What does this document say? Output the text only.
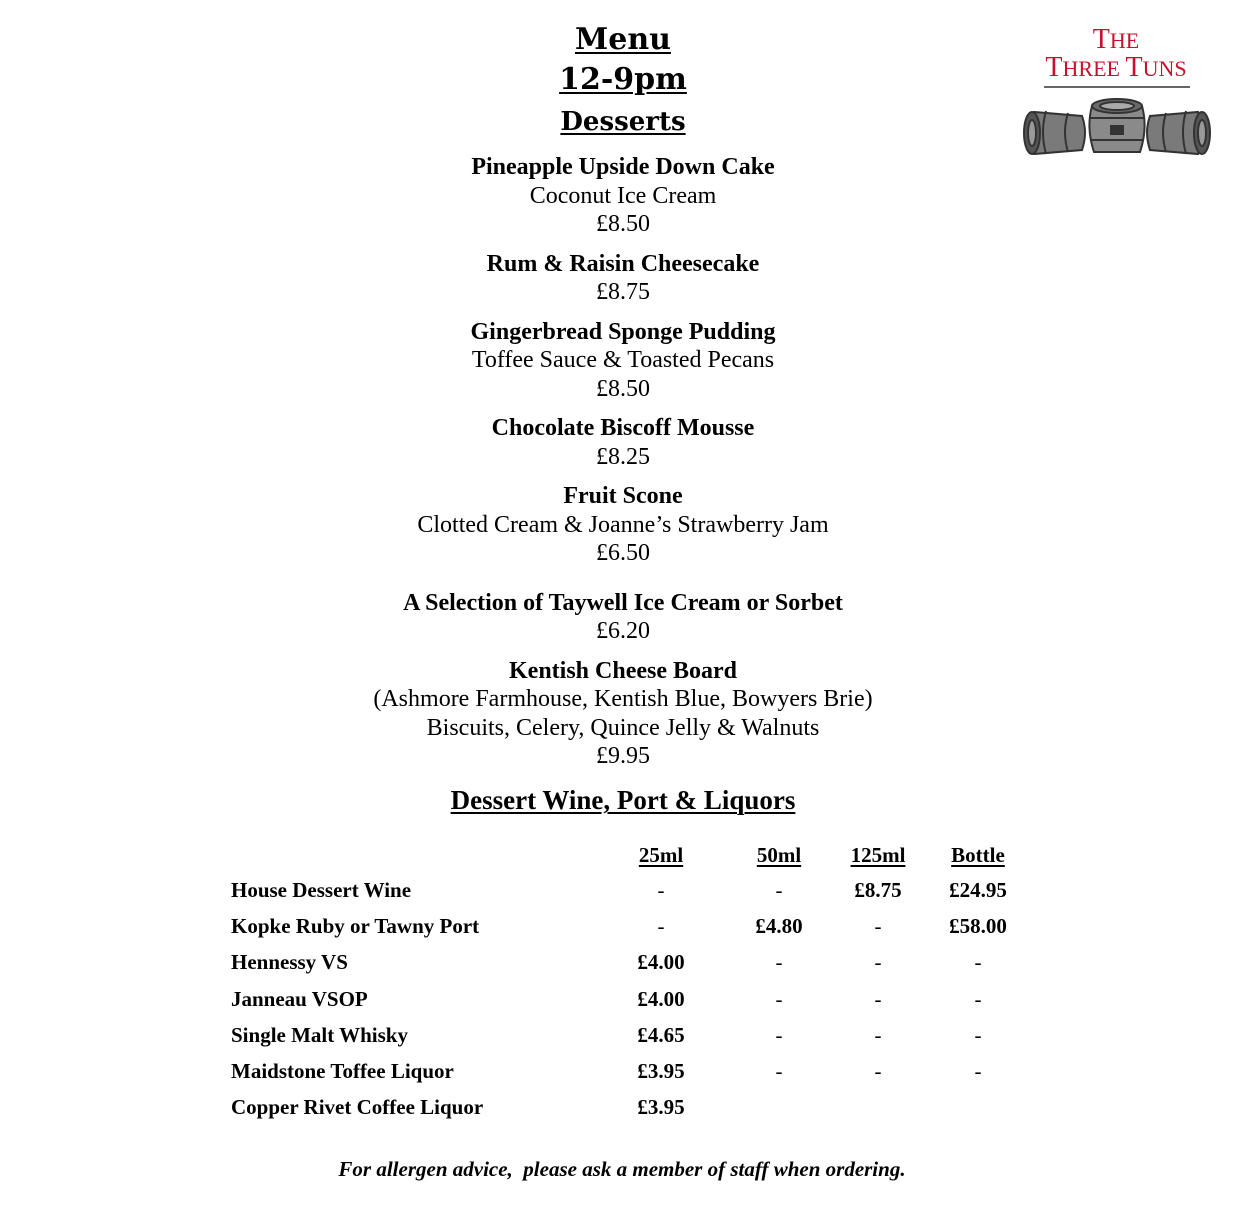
THE
THREE TUNS
Menu
12-9pm
Desserts
Pineapple Upside Down Cake
Coconut Ice Cream
£8.50
Rum & Raisin Cheesecake
£8.75
Gingerbread Sponge Pudding
Toffee Sauce & Toasted Pecans
£8.50
Chocolate Biscoff Mousse
£8.25
Fruit Scone
Clotted Cream & Joanne’s Strawberry Jam
£6.50
A Selection of Taywell Ice Cream or Sorbet
£6.20
Kentish Cheese Board
(Ashmore Farmhouse, Kentish Blue, Bowyers Brie)
Biscuits, Celery, Quince Jelly & Walnuts
£9.95
Dessert Wine, Port & Liquors
	25ml	50ml	125ml	Bottle
House Dessert Wine	-	-	£8.75	£24.95
Kopke Ruby or Tawny Port	-	£4.80	-	£58.00
Hennessy VS	£4.00	-	-	-
Janneau VSOP	£4.00	-	-	-
Single Malt Whisky	£4.65	-	-	-
Maidstone Toffee Liquor	£3.95	-	-	-
Copper Rivet Coffee Liquor	£3.95			
For allergen advice,  please ask a member of staff when ordering.
